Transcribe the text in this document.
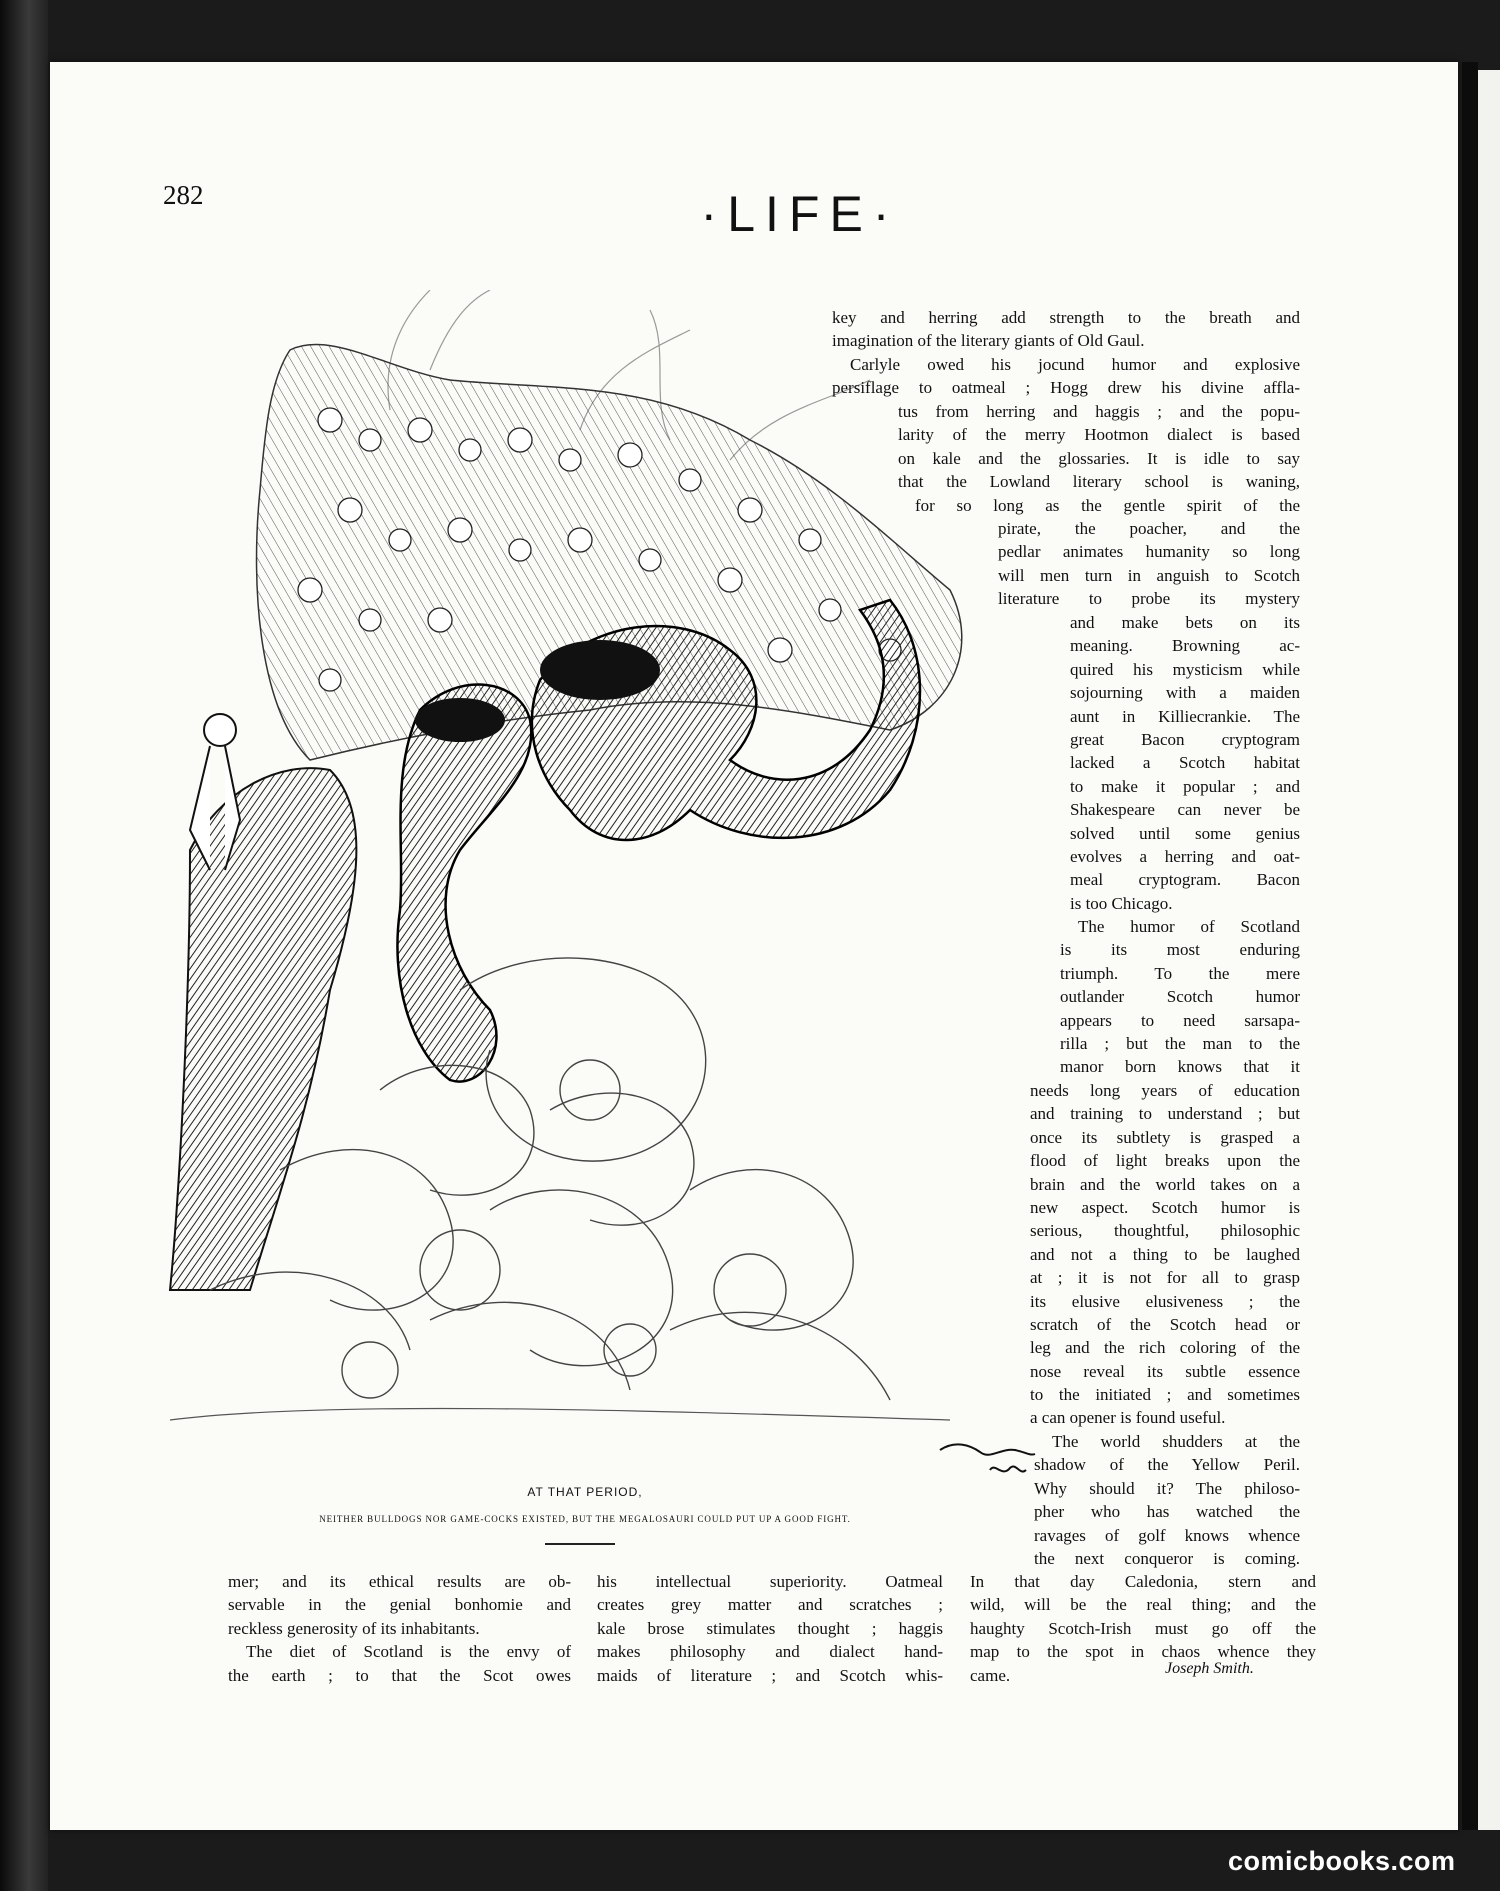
282	·LIFE·
AT THAT PERIOD,
NEITHER BULLDOGS NOR GAME-COCKS EXISTED, BUT THE MEGALOSAURI COULD PUT UP A GOOD FIGHT.
key and herring add strength to the breath and
imagination of the literary giants of Old Gaul.
Carlyle owed his jocund humor and explosive
persiflage to oatmeal ; Hogg drew his divine affla-
tus from herring and haggis ; and the popu-
larity of the merry Hootmon dialect is based
on kale and the glossaries. It is idle to say
that the Lowland literary school is waning,
for so long as the gentle spirit of the
pirate, the poacher, and the
pedlar animates humanity so long
will men turn in anguish to Scotch
literature to probe its mystery
and make bets on its
meaning. Browning ac-
quired his mysticism while
sojourning with a maiden
aunt in Killiecrankie. The
great Bacon cryptogram
lacked a Scotch habitat
to make it popular ; and
Shakespeare can never be
solved until some genius
evolves a herring and oat-
meal cryptogram. Bacon
is too Chicago.
The humor of Scotland
is its most enduring
triumph. To the mere
outlander Scotch humor
appears to need sarsapa-
rilla ; but the man to the
manor born knows that it
needs long years of education
and training to understand ; but
once its subtlety is grasped a
flood of light breaks upon the
brain and the world takes on a
new aspect. Scotch humor is
serious, thoughtful, philosophic
and not a thing to be laughed
at ; it is not for all to grasp
its elusive elusiveness ; the
scratch of the Scotch head or
leg and the rich coloring of the
nose reveal its subtle essence
to the initiated ; and sometimes
a can opener is found useful.
The world shudders at the
shadow of the Yellow Peril.
Why should it? The philoso-
pher who has watched the
ravages of golf knows whence
the next conqueror is coming.
In that day Caledonia, stern and
wild, will be the real thing; and the
haughty Scotch-Irish must go off the
map to the spot in chaos whence they
came.	Joseph Smith.
mer; and its ethical results are ob-
servable in the genial bonhomie and
reckless generosity of its inhabitants.
The diet of Scotland is the envy of
the earth ; to that the Scot owes
his intellectual superiority. Oatmeal
creates grey matter and scratches ;
kale brose stimulates thought ; haggis
makes philosophy and dialect hand-
maids of literature ; and Scotch whis-
comicbooks.com
